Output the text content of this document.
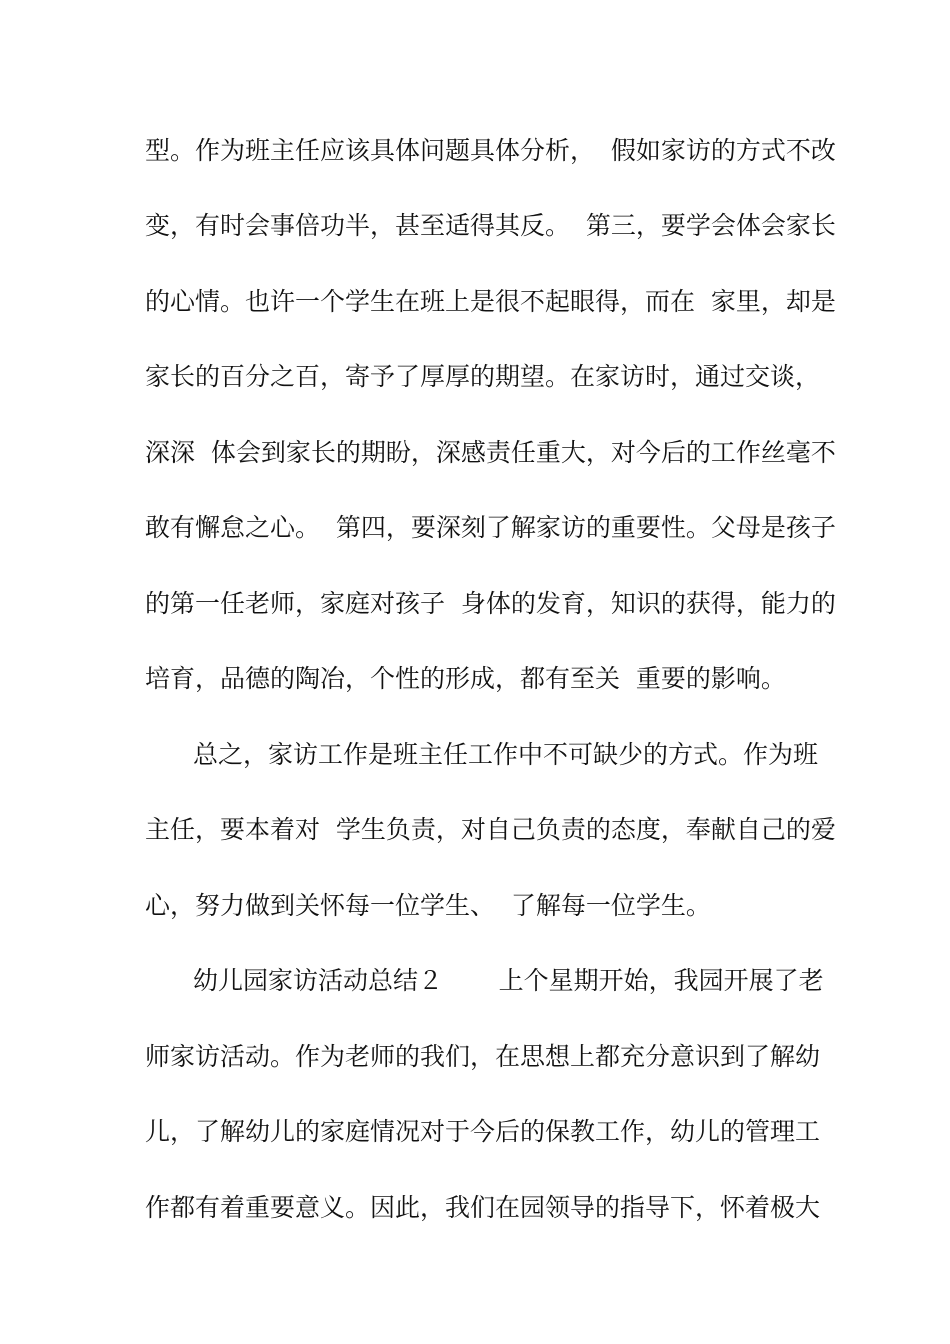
型。作为班主任应该具体问题具体分析，  假如家访的方式不改
变，有时会事倍功半，甚至适得其反。  第三，要学会体会家长
的心情。也许一个学生在班上是很不起眼得，而在  家里，却是
家长的百分之百，寄予了厚厚的期望。在家访时，通过交谈，
深深  体会到家长的期盼，深感责任重大，对今后的工作丝毫不
敢有懈怠之心。  第四，要深刻了解家访的重要性。父母是孩子
的第一任老师，家庭对孩子  身体的发育，知识的获得，能力的
培育，品德的陶冶，个性的形成，都有至关  重要的影响。
总之，家访工作是班主任工作中不可缺少的方式。作为班
主任，要本着对  学生负责，对自己负责的态度，奉献自己的爱
心，努力做到关怀每一位学生、  了解每一位学生。
幼儿园家访活动总结２       上个星期开始，我园开展了老
师家访活动。作为老师的我们，在思想上都充分意识到了解幼
儿，了解幼儿的家庭情况对于今后的保教工作，幼儿的管理工
作都有着重要意义。因此，我们在园领导的指导下，怀着极大
